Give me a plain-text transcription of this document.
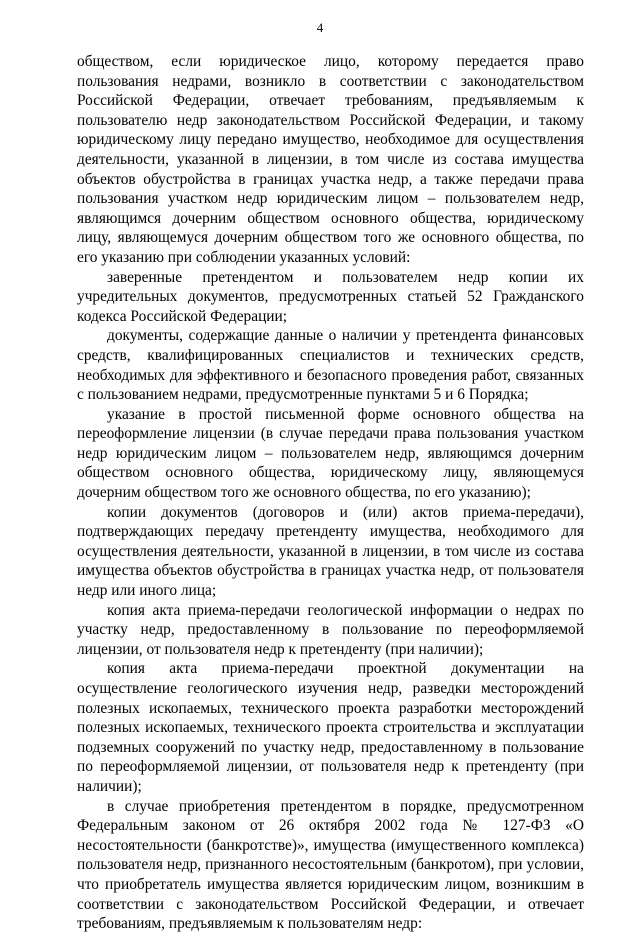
4

обществом, если юридическое лицо, которому передается право пользования недрами, возникло в соответствии с законодательством Российской Федерации, отвечает требованиям, предъявляемым к пользователю недр законодательством Российской Федерации, и такому юридическому лицу передано имущество, необходимое для осуществления деятельности, указанной в лицензии, в том числе из состава имущества объектов обустройства в границах участка недр, а также передачи права пользования участком недр юридическим лицом – пользователем недр, являющимся дочерним обществом основного общества, юридическому лицу, являющемуся дочерним обществом того же основного общества, по его указанию при соблюдении указанных условий:

заверенные претендентом и пользователем недр копии их учредительных документов, предусмотренных статьей 52 Гражданского кодекса Российской Федерации;

документы, содержащие данные о наличии у претендента финансовых средств, квалифицированных специалистов и технических средств, необходимых для эффективного и безопасного проведения работ, связанных с пользованием недрами, предусмотренные пунктами 5 и 6 Порядка;

указание в простой письменной форме основного общества на переоформление лицензии (в случае передачи права пользования участком недр юридическим лицом – пользователем недр, являющимся дочерним обществом основного общества, юридическому лицу, являющемуся дочерним обществом того же основного общества, по его указанию);

копии документов (договоров и (или) актов приема-передачи), подтверждающих передачу претенденту имущества, необходимого для осуществления деятельности, указанной в лицензии, в том числе из состава имущества объектов обустройства в границах участка недр, от пользователя недр или иного лица;

копия акта приема-передачи геологической информации о недрах по участку недр, предоставленному в пользование по переоформляемой лицензии, от пользователя недр к претенденту (при наличии);

копия акта приема-передачи проектной документации на осуществление геологического изучения недр, разведки месторождений полезных ископаемых, технического проекта разработки месторождений полезных ископаемых, технического проекта строительства и эксплуатации подземных сооружений по участку недр, предоставленному в пользование по переоформляемой лицензии, от пользователя недр к претенденту (при наличии);

в случае приобретения претендентом в порядке, предусмотренном Федеральным законом от 26 октября 2002 года № 127-ФЗ «О несостоятельности (банкротстве)», имущества (имущественного комплекса) пользователя недр, признанного несостоятельным (банкротом), при условии, что приобретатель имущества является юридическим лицом, возникшим в соответствии с законодательством Российской Федерации, и отвечает требованиям, предъявляемым к пользователям недр:
